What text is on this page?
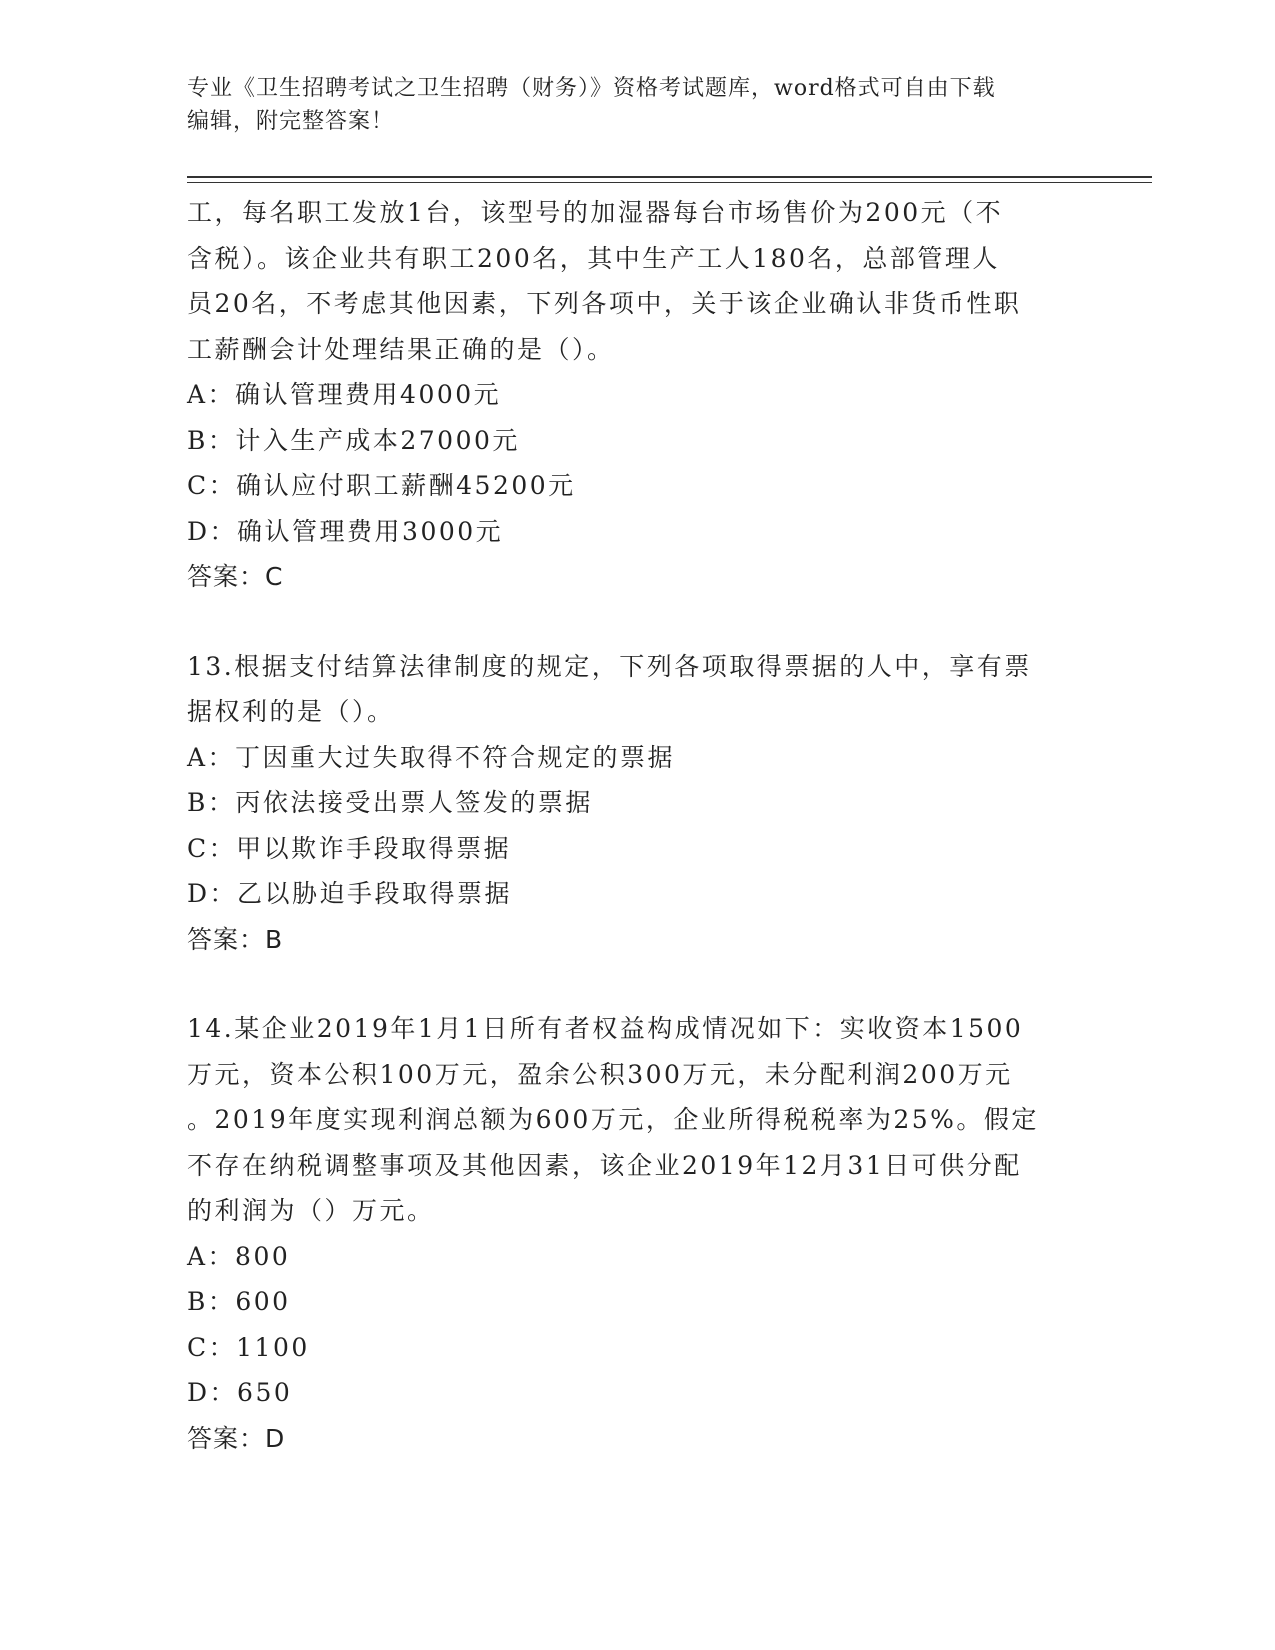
专业《卫生招聘考试之卫生招聘（财务）》资格考试题库，word格式可自由下载
编辑，附完整答案！
工，每名职工发放1台，该型号的加湿器每台市场售价为200元（不
含税）。该企业共有职工200名，其中生产工人180名，总部管理人
员20名，不考虑其他因素，下列各项中，关于该企业确认非货币性职
工薪酬会计处理结果正确的是（）。
A：确认管理费用4000元
B：计入生产成本27000元
C：确认应付职工薪酬45200元
D：确认管理费用3000元
答案：C
13.根据支付结算法律制度的规定，下列各项取得票据的人中，享有票
据权利的是（）。
A：丁因重大过失取得不符合规定的票据
B：丙依法接受出票人签发的票据
C：甲以欺诈手段取得票据
D：乙以胁迫手段取得票据
答案：B
14.某企业2019年1月1日所有者权益构成情况如下：实收资本1500
万元，资本公积100万元，盈余公积300万元，未分配利润200万元
。2019年度实现利润总额为600万元，企业所得税税率为25%。假定
不存在纳税调整事项及其他因素，该企业2019年12月31日可供分配
的利润为（）万元。
A：800
B：600
C：1100
D：650
答案：D
